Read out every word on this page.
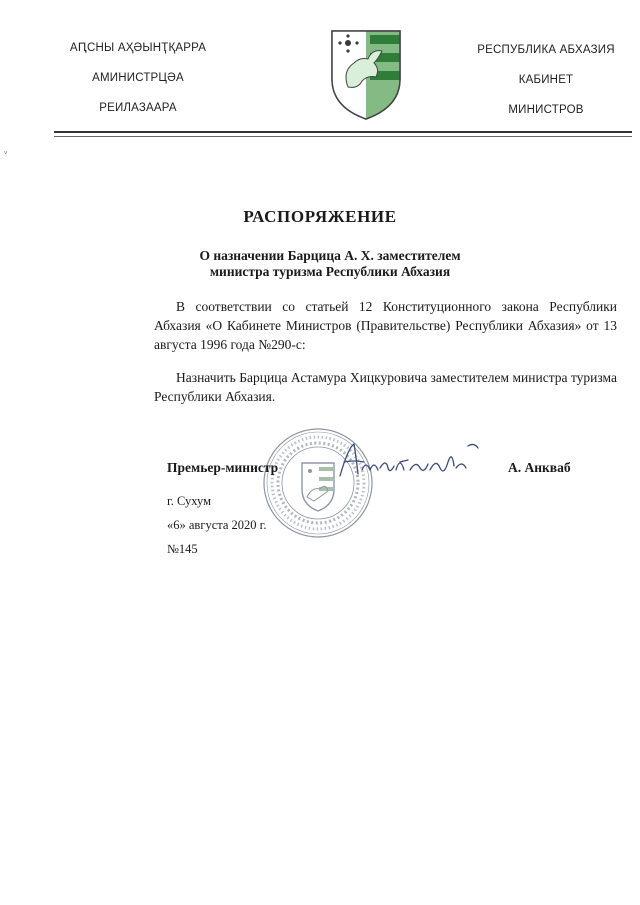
АԤСНЫ АҲӘЫНҬҚАРРА
АМИНИСТРЦӘА
РЕИЛАЗААРА
РЕСПУБЛИКА АБХАЗИЯ
КАБИНЕТ
МИНИСТРОВ
ᵛ
РАСПОРЯЖЕНИЕ
О назначении Барцица А. Х. заместителем
министра туризма Республики Абхазия
В соответствии со статьей 12 Конституционного закона Республики Абхазия «О Кабинете Министров (Правительстве) Республики Абхазия» от 13 августа 1996 года №290-с:
Назначить Барцица Астамура Хицкуровича заместителем министра туризма Республики Абхазия.
Премьер-министр	А. Анкваб
г. Сухум
«6» августа 2020 г.
№145
